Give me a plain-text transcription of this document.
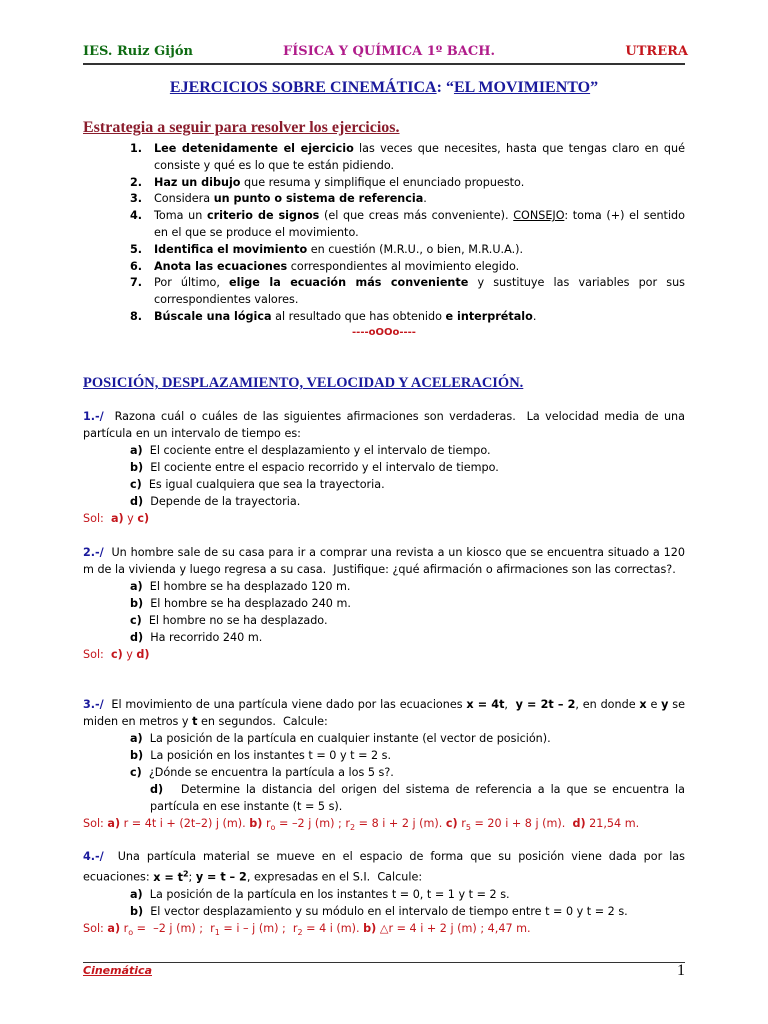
IES. Ruiz Gijón	FÍSICA Y QUÍMICA 1º BACH.	UTRERA
EJERCICIOS SOBRE CINEMÁTICA: “EL MOVIMIENTO”
Estrategia a seguir para resolver los ejercicios.
1. Lee detenidamente el ejercicio las veces que necesites, hasta que tengas claro en qué consiste y qué es lo que te están pidiendo.
2. Haz un dibujo que resuma y simplifique el enunciado propuesto.
3. Considera un punto o sistema de referencia.
4. Toma un criterio de signos (el que creas más conveniente). CONSEJO: toma (+) el sentido en el que se produce el movimiento.
5. Identifica el movimiento en cuestión (M.R.U., o bien, M.R.U.A.).
6. Anota las ecuaciones correspondientes al movimiento elegido.
7. Por último, elige la ecuación más conveniente y sustituye las variables por sus correspondientes valores.
8. Búscale una lógica al resultado que has obtenido e interprétalo.
----oOOo----
POSICIÓN, DESPLAZAMIENTO, VELOCIDAD Y ACELERACIÓN.
1.-/  Razona cuál o cuáles de las siguientes afirmaciones son verdaderas.  La velocidad media de una partícula en un intervalo de tiempo es:
a)  El cociente entre el desplazamiento y el intervalo de tiempo.
b)  El cociente entre el espacio recorrido y el intervalo de tiempo.
c)  Es igual cualquiera que sea la trayectoria.
d)  Depende de la trayectoria.
Sol:  a) y c)
2.-/  Un hombre sale de su casa para ir a comprar una revista a un kiosco que se encuentra situado a 120 m de la vivienda y luego regresa a su casa.  Justifique: ¿qué afirmación o afirmaciones son las correctas?.
a)  El hombre se ha desplazado 120 m.
b)  El hombre se ha desplazado 240 m.
c)  El hombre no se ha desplazado.
d)  Ha recorrido 240 m.
Sol:  c) y d)
3.-/  El movimiento de una partícula viene dado por las ecuaciones x = 4t,  y = 2t – 2, en donde x e y se miden en metros y t en segundos.  Calcule:
a)  La posición de la partícula en cualquier instante (el vector de posición).
b)  La posición en los instantes t = 0 y t = 2 s.
c)  ¿Dónde se encuentra la partícula a los 5 s?.
d)   Determine la distancia del origen del sistema de referencia a la que se encuentra la partícula en ese instante (t = 5 s).
Sol: a) r = 4t i + (2t–2) j (m). b) $r_o = -2$ j (m) ; $r_2 = 8$ i + 2 j (m). c) $r_5 = 20$ i + 8 j (m).  d) 21,54 m.
4.-/  Una partícula material se mueve en el espacio de forma que su posición viene dada por las ecuaciones: $x = t^2$; y = t – 2, expresadas en el S.I.  Calcule:
a)  La posición de la partícula en los instantes t = 0, t = 1 y t = 2 s.
b)  El vector desplazamiento y su módulo en el intervalo de tiempo entre t = 0 y t = 2 s.
Sol: a) $r_o = -2$ j (m) ;  $r_1 = i - j$ (m) ;  $r_2 = 4$ i (m). b) △r = 4 i + 2 j (m) ; 4,47 m.
Cinemática	1
